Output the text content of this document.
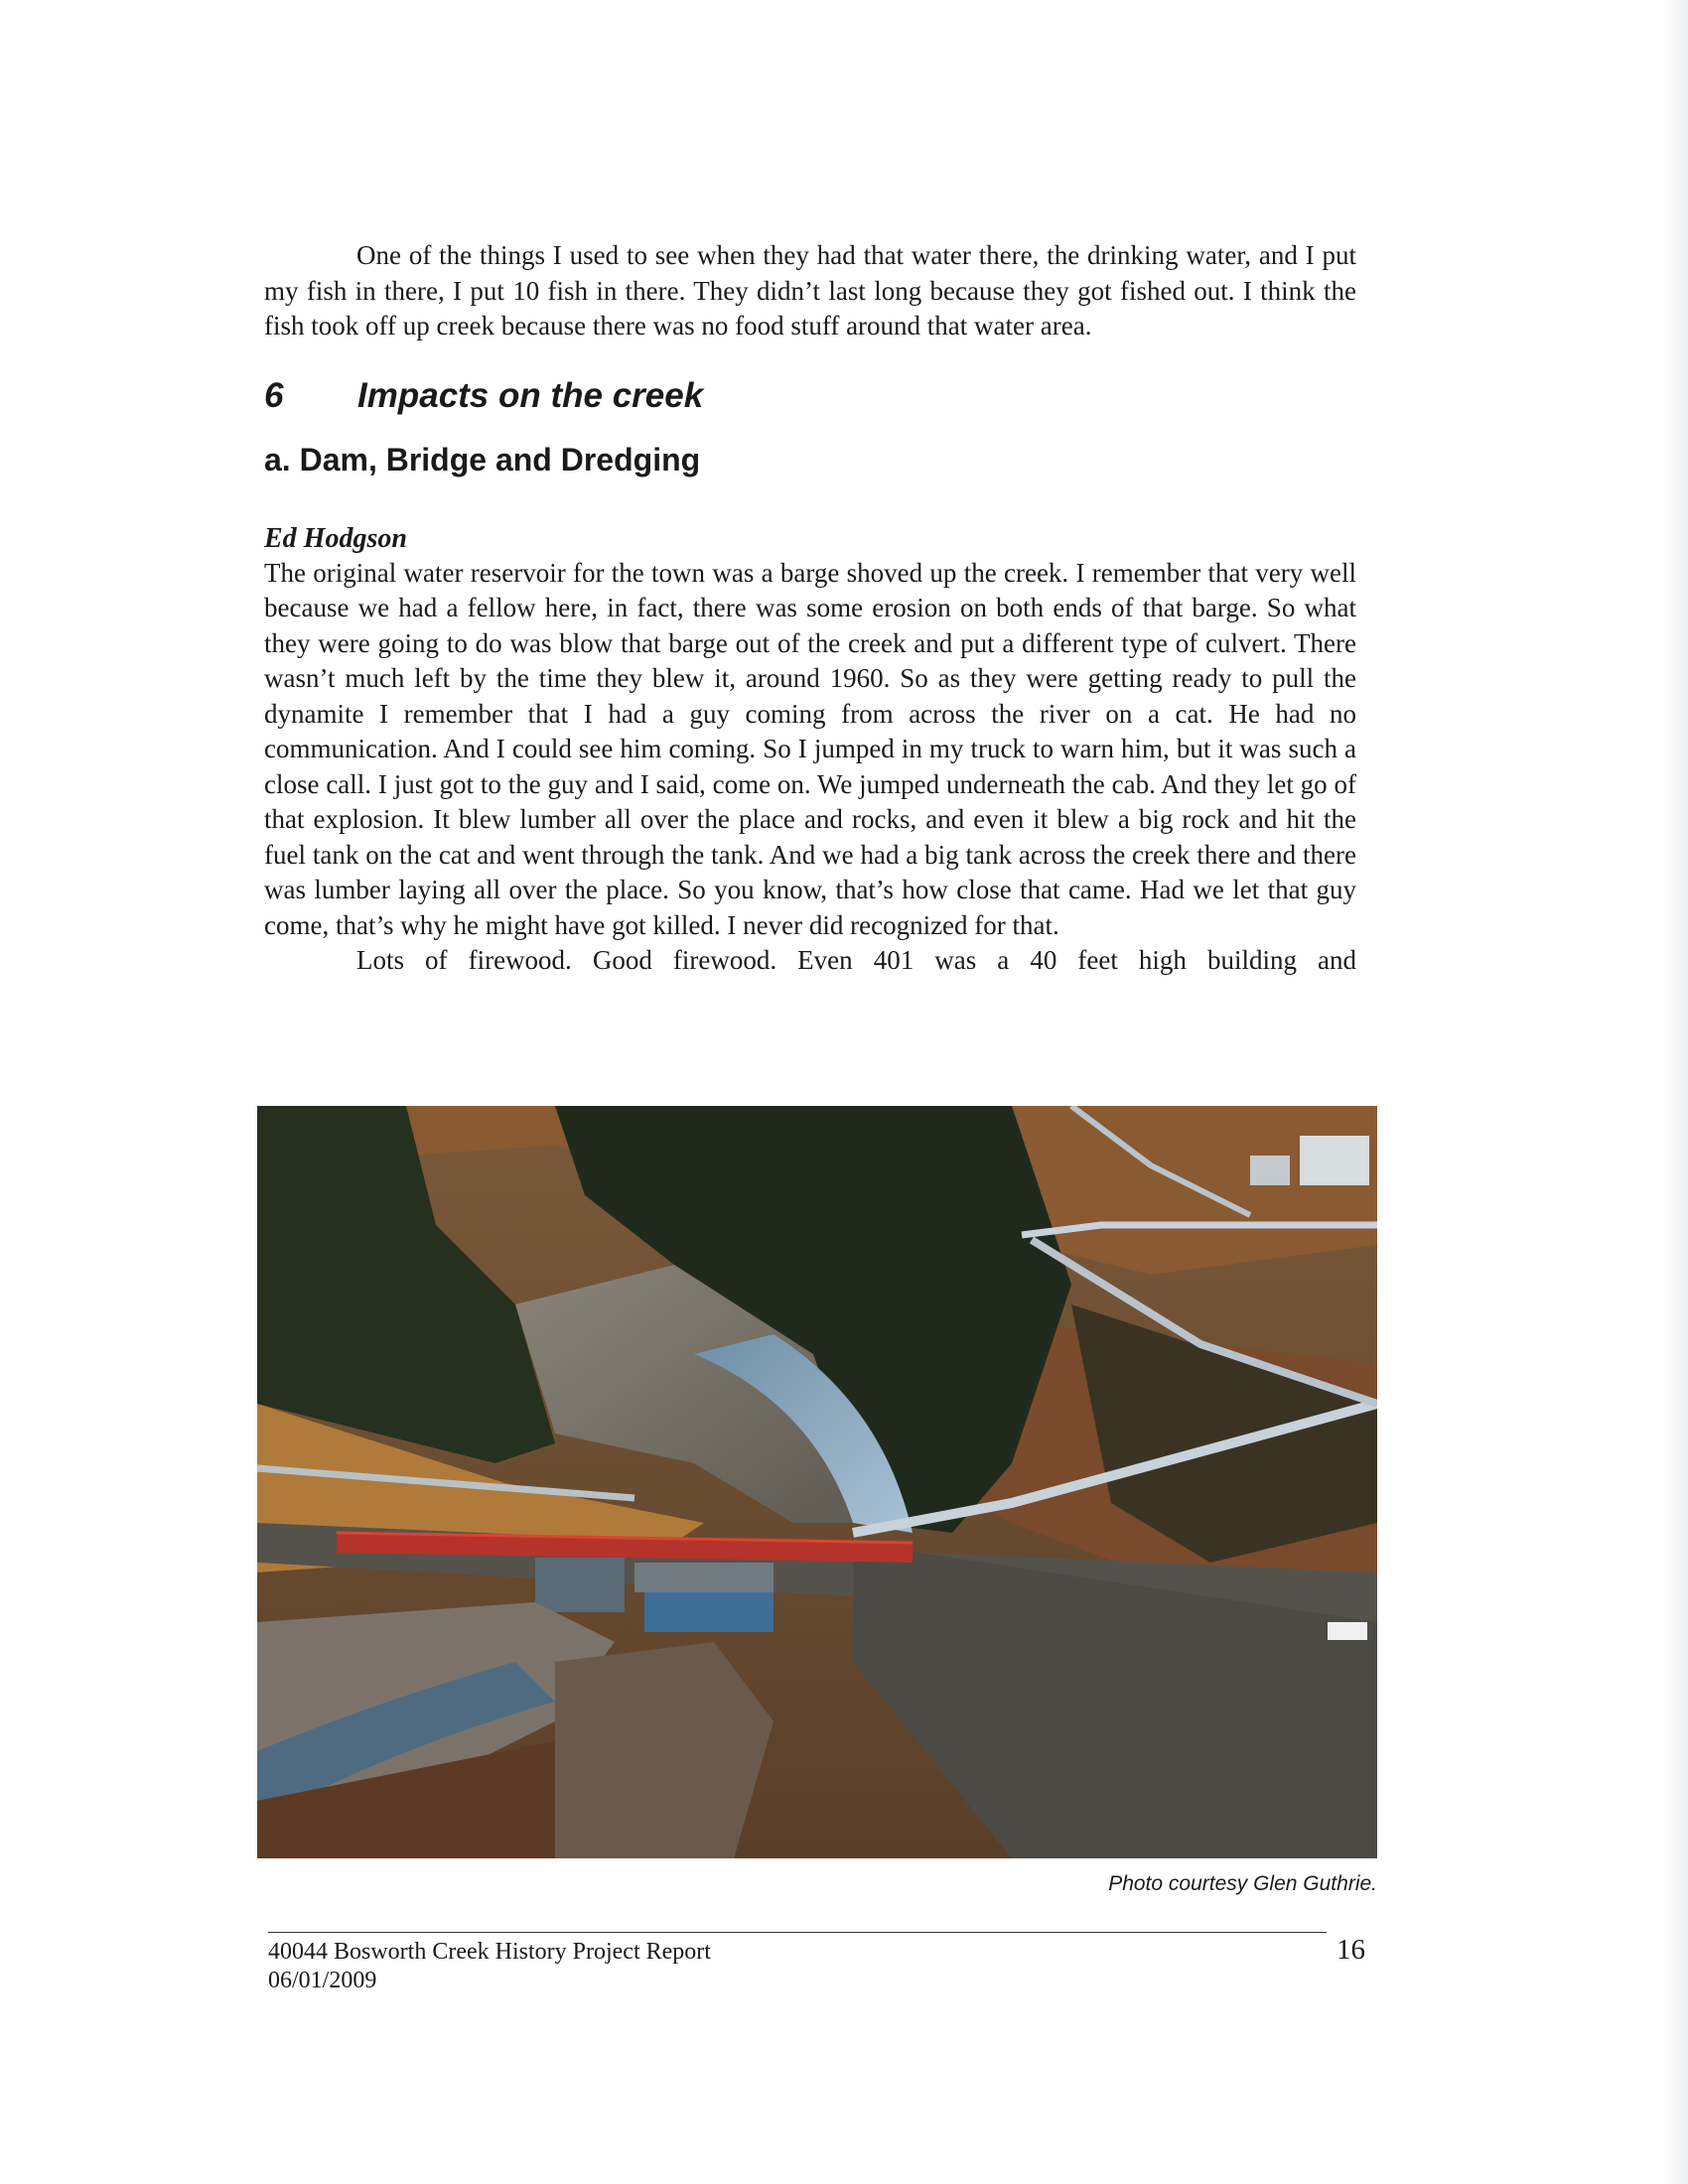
One of the things I used to see when they had that water there, the drinking water, and I put my fish in there, I put 10 fish in there. They didn’t last long because they got fished out. I think the fish took off up creek because there was no food stuff around that water area.

6	Impacts on the creek
a. Dam, Bridge and Dredging
Ed Hodgson

The original water reservoir for the town was a barge shoved up the creek. I remember that very well because we had a fellow here, in fact, there was some erosion on both ends of that barge. So what they were going to do was blow that barge out of the creek and put a different type of culvert. There wasn’t much left by the time they blew it, around 1960. So as they were getting ready to pull the dynamite I remember that I had a guy coming from across the river on a cat. He had no communication. And I could see him coming. So I jumped in my truck to warn him, but it was such a close call. I just got to the guy and I said, come on. We jumped underneath the cab. And they let go of that explosion. It blew lumber all over the place and rocks, and even it blew a big rock and hit the fuel tank on the cat and went through the tank. And we had a big tank across the creek there and there was lumber laying all over the place. So you know, that’s how close that came. Had we let that guy come, that’s why he might have got killed. I never did recognized for that.

Lots of firewood. Good firewood. Even 401 was a 40 feet high building and

Photo courtesy Glen Guthrie.
40044 Bosworth Creek History Project Report
06/01/2009
16
